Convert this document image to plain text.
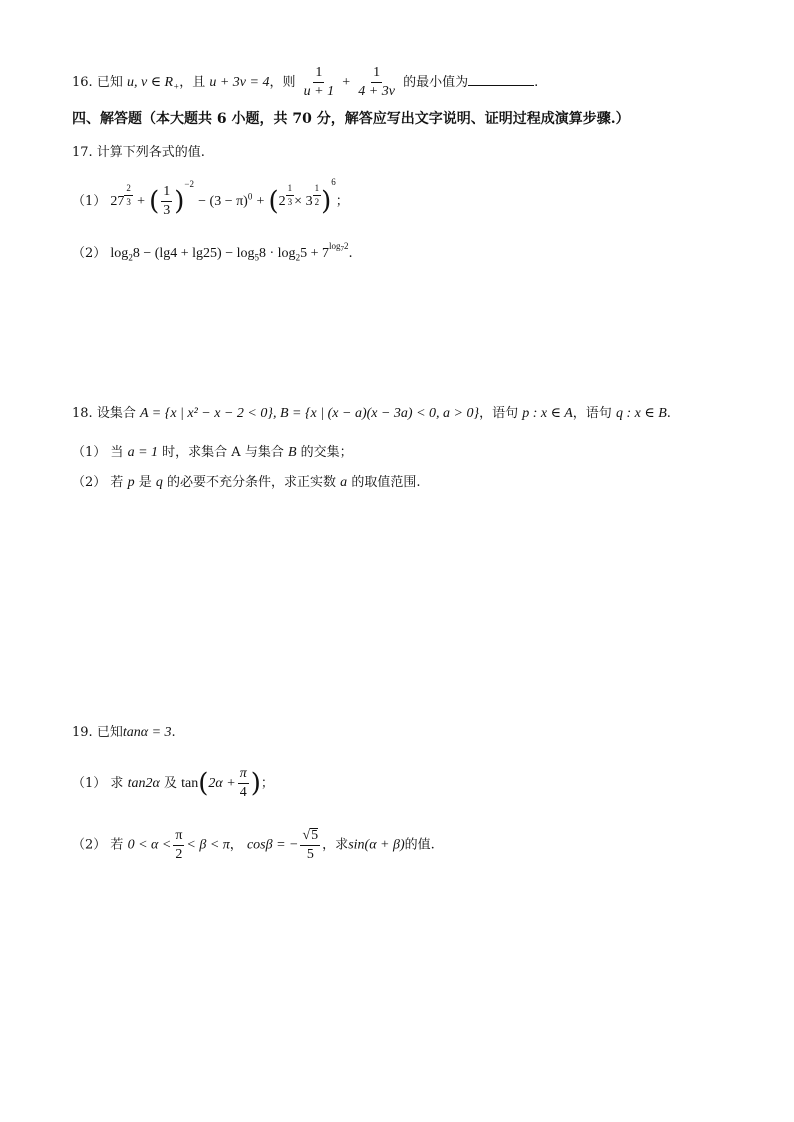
16. 已知 u, v ∈ $R_+$，且 u + 3v = 4，则 $\frac{1}{u + 1} + \frac{1}{4 + 3v}$ 的最小值为	.
四、解答题（本大题共 6 小题，共 70 分，解答应写出文字说明、证明过程成演算步骤.）
17. 计算下列各式的值.
（1） $27 \frac{2}{3}$ + ( $\frac{1}{3} )^{-2} - (3 - \pi)^0 + (2 \frac{1}{3} \times 3 \frac{1}{2} )^6$；
（2） $\log_28 - (\lg 4 + \lg 25) - \log_58 \cdot \log_25 + 7^{log72}$.
18. 设集合 A = {x | x² − x − 2 < 0}, B = {x | (x − a)(x − 3a) < 0, a > 0}，语句 p : x ∈ A，语句 q : x ∈ B.
（1） 当 a = 1 时，求集合 A 与集合 B 的交集；
（2） 若 p 是 q 的必要不充分条件，求正实数 a 的取值范围.
19. 已知tanα = 3.
（1） 求 tan2α 及 $\tan(2\alpha + \frac{\pi}{4}$ )；
（2） 若 $0 < \alpha < \frac{\pi}{2} < \beta < \pi$， cosβ = − $\frac{√5}{5}$ ，求sin(α + β)的值.
